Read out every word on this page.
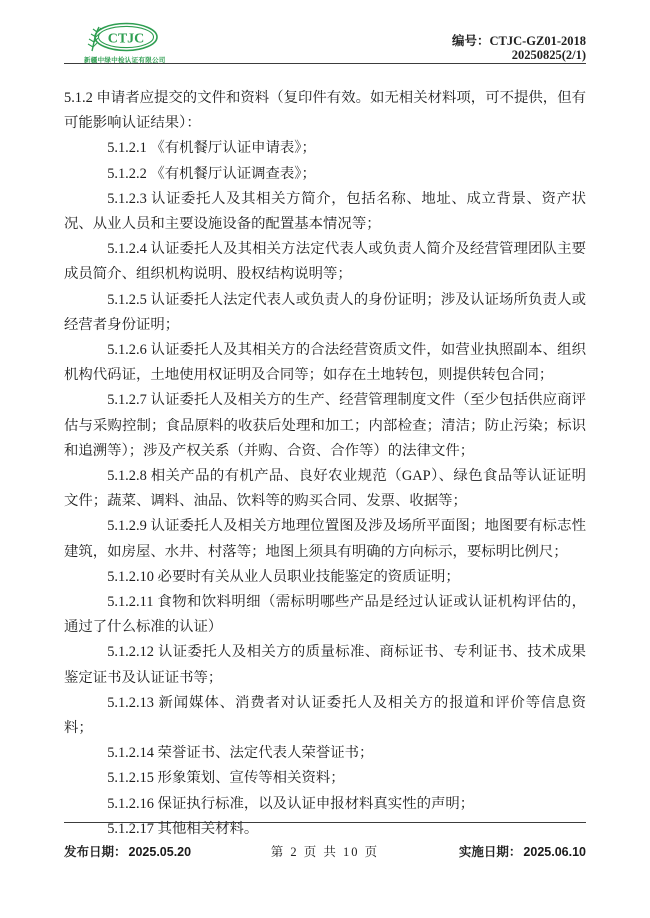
CTJC
新疆中绿中检认证有限公司
编号：CTJC-GZ01-2018
20250825(2/1)

5.1.2 申请者应提交的文件和资料（复印件有效。如无相关材料项，可不提供，但有可能影响认证结果）：

5.1.2.1 《有机餐厅认证申请表》；

5.1.2.2 《有机餐厅认证调查表》；

5.1.2.3 认证委托人及其相关方简介，包括名称、地址、成立背景、资产状况、从业人员和主要设施设备的配置基本情况等；

5.1.2.4 认证委托人及其相关方法定代表人或负责人简介及经营管理团队主要成员简介、组织机构说明、股权结构说明等；

5.1.2.5 认证委托人法定代表人或负责人的身份证明；涉及认证场所负责人或经营者身份证明；

5.1.2.6 认证委托人及其相关方的合法经营资质文件，如营业执照副本、组织机构代码证，土地使用权证明及合同等；如存在土地转包，则提供转包合同；

5.1.2.7 认证委托人及相关方的生产、经营管理制度文件（至少包括供应商评估与采购控制；食品原料的收获后处理和加工；内部检查；清洁；防止污染；标识和追溯等）；涉及产权关系（并购、合资、合作等）的法律文件；

5.1.2.8 相关产品的有机产品、良好农业规范（GAP）、绿色食品等认证证明文件；蔬菜、调料、油品、饮料等的购买合同、发票、收据等；

5.1.2.9 认证委托人及相关方地理位置图及涉及场所平面图；地图要有标志性建筑，如房屋、水井、村落等；地图上须具有明确的方向标示，要标明比例尺；

5.1.2.10 必要时有关从业人员职业技能鉴定的资质证明；

5.1.2.11 食物和饮料明细（需标明哪些产品是经过认证或认证机构评估的，通过了什么标准的认证）

5.1.2.12 认证委托人及相关方的质量标准、商标证书、专利证书、技术成果鉴定证书及认证证书等；

5.1.2.13 新闻媒体、消费者对认证委托人及相关方的报道和评价等信息资料；

5.1.2.14 荣誉证书、法定代表人荣誉证书；

5.1.2.15 形象策划、宣传等相关资料；

5.1.2.16 保证执行标准，以及认证申报材料真实性的声明；

5.1.2.17 其他相关材料。

发布日期： 2025.05.20	第 2 页 共 10 页	实施日期： 2025.06.10
